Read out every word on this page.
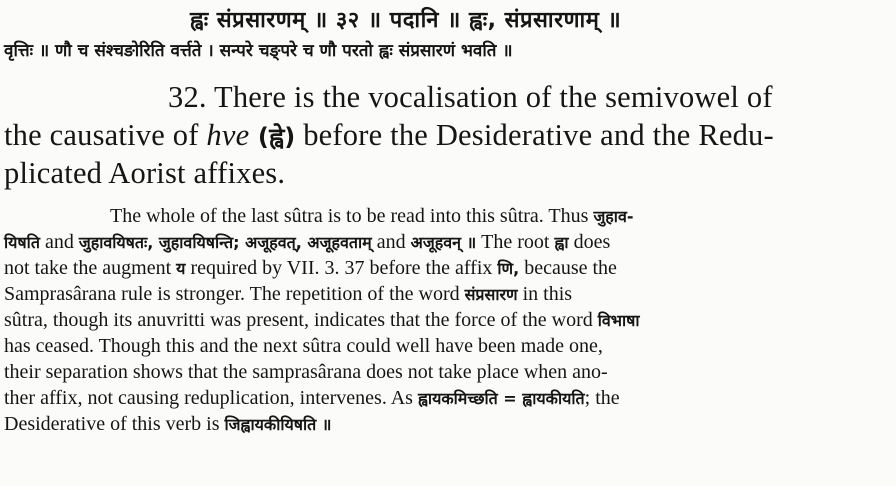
ह्वः संप्रसारणम् ॥ ३२ ॥ पदानि ॥ ह्वः, संप्रसारणाम् ॥
वृत्तिः ॥ णौ च संश्चङोरिति वर्त्तते । सन्परे चङ्परे च णौ परतो ह्वः संप्रसारणं भवति ॥
32. There is the vocalisation of the semivowel of
the causative of hve (ह्वे) before the Desiderative and the Redu-
plicated Aorist affixes.
The whole of the last sûtra is to be read into this sûtra. Thus जुहाव-
यिषति and जुहावयिषतः, जुहावयिषन्ति; अजूहवत्, अजूहवताम् and अजूहवन् ॥ The root ह्वा does
not take the augment य required by VII. 3. 37 before the affix णि, because the
Samprasârana rule is stronger. The repetition of the word संप्रसारण in this
sûtra, though its anuvritti was present, indicates that the force of the word विभाषा
has ceased. Though this and the next sûtra could well have been made one,
their separation shows that the samprasârana does not take place when ano-
ther affix, not causing reduplication, intervenes. As ह्वायकमिच्छति = ह्वायकीयति; the
Desiderative of this verb is जिह्वायकीयिषति ॥
